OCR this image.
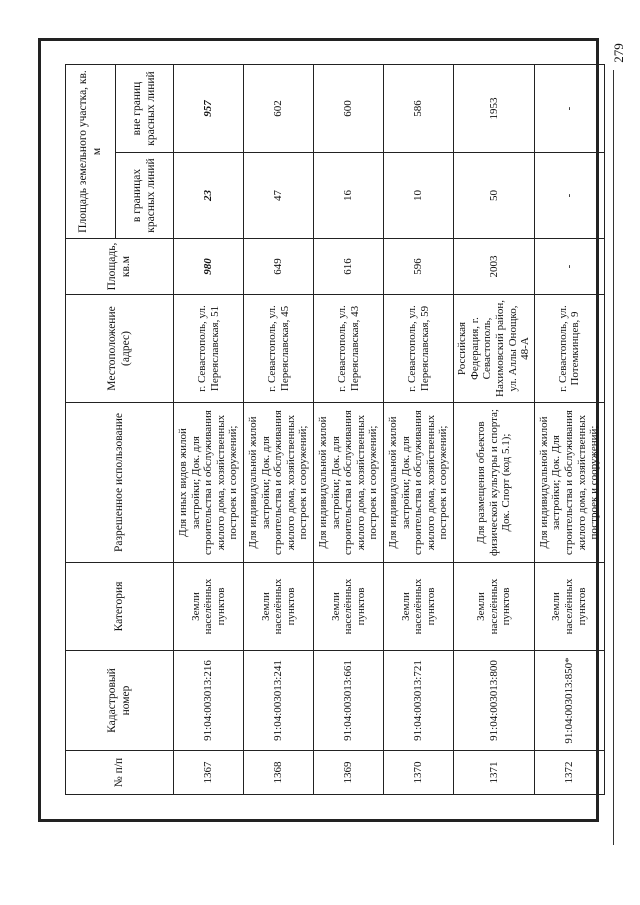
279
№ п/п	Кадастровый номер	Категория	Разрешенное использование	Местоположение (адрес)	Площадь, кв.м	Площадь земельного участка, кв. м	
						в границах красных линий	вне границ красных линий
1367	91:04:003013:216	Земли населённых пунктов	Для иных видов жилой застройки; Док. для строительства и обслуживания жилого дома, хозяйственных построек и сооружений;	г. Севастополь, ул. Переяславская, 51	980	23	957
1368	91:04:003013:241	Земли населённых пунктов	Для индивидуальной жилой застройки; Док. для строительства и обслуживания жилого дома, хозяйственных построек и сооружений;	г. Севастополь, ул. Переяславская, 45	649	47	602
1369	91:04:003013:661	Земли населённых пунктов	Для индивидуальной жилой застройки; Док. для строительства и обслуживания жилого дома, хозяйственных построек и сооружений;	г. Севастополь, ул. Переяславская, 43	616	16	600
1370	91:04:003013:721	Земли населённых пунктов	Для индивидуальной жилой застройки; Док. для строительства и обслуживания жилого дома, хозяйственных построек и сооружений;	г. Севастополь, ул. Переяславская, 59	596	10	586
1371	91:04:003013:800	Земли населённых пунктов	Для размещения объектов физической культуры и спорта; Док. Спорт (код 5.1);	Российская Федерация, г. Севастополь, Нахимовский район, ул. Аллы Онощко, 48-А	2003	50	1953
1372	91:04:003013:850*	Земли населённых пунктов	Для индивидуальной жилой застройки; Док. Для строительства и обслуживания жилого дома, хозяйственных построек и сооружений;	г. Севастополь, ул. Потемкинцев, 9	-	-	-
